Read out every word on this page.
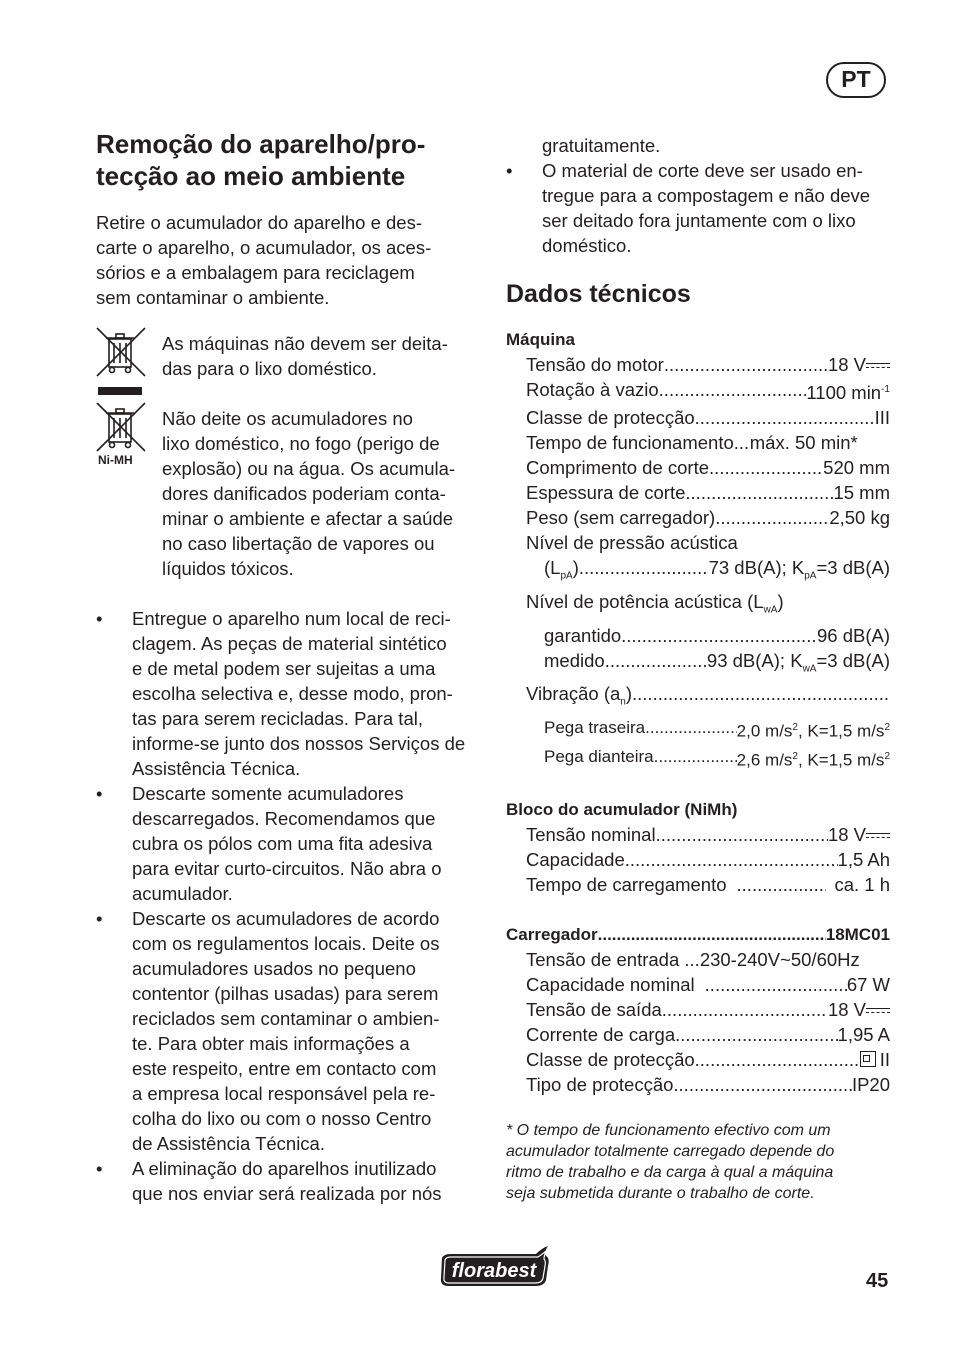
PT
Remoção do aparelho/pro-
tecção ao meio ambiente

Retire o acumulador do aparelho e des-
carte o aparelho, o acumulador, os aces-
sórios e a embalagem para reciclagem
sem contaminar o ambiente.

As máquinas não devem ser deita-
das para o lixo doméstico.
Ni-MH
Não deite os acumuladores no
lixo doméstico, no fogo (perigo de
explosão) ou na água. Os acumula-
dores danificados poderiam conta-
minar o ambiente e afectar a saúde
no caso libertação de vapores ou
líquidos tóxicos.
• Entregue o aparelho num local de reci-
clagem. As peças de material sintético
e de metal podem ser sujeitas a uma
escolha selectiva e, desse modo, pron-
tas para serem recicladas. Para tal,
informe-se junto dos nossos Serviços de
Assistência Técnica.
• Descarte somente acumuladores
descarregados. Recomendamos que
cubra os pólos com uma fita adesiva
para evitar curto-circuitos. Não abra o
acumulador.
• Descarte os acumuladores de acordo
com os regulamentos locais. Deite os
acumuladores usados no pequeno
contentor (pilhas usadas) para serem
reciclados sem contaminar o ambien-
te. Para obter mais informações a
este respeito, entre em contacto com
a empresa local responsável pela re-
colha do lixo ou com o nosso Centro
de Assistência Técnica.
• A eliminação do aparelhos inutilizado
que nos enviar será realizada por nós

gratuitamente.

• O material de corte deve ser usado en-
tregue para a compostagem e não deve
ser deitado fora juntamente com o lixo
doméstico.
Dados técnicos
Máquina
Tensão do motor .....	18 V
Rotação à vazio .....	1100 $\min^{-1}$
Classe de protecção .....	III
Tempo de funcionamento ..... máx. 50 min*
Comprimento de corte .....	520 mm
Espessura de corte .....	15 mm
Peso (sem carregador) .....	2,50 kg
Nível de pressão acústica
$(L_{pA})$ .....	73 dB(A); $K_{pA}=3$ dB(A)
Nível de potência acústica $(L_{wA})$
garantido .....	96 dB(A)
medido .....	93 dB(A); $K_{wA}=3$ dB(A)
Vibração $(a_n)$
.....
Pega traseira .....	2,0 $m/s^2$, K=1,5 $m/s^2$
Pega dianteira .....	2,6 $m/s^2$, K=1,5 $m/s^2$
Bloco do acumulador (NiMh)
Tensão nominal .....	18 V
Capacidade .....	1,5 Ah
Tempo de carregamento .....	ca. 1 h
Carregador .....	18MC01
Tensão de entrada ...230-240V~50/60Hz
Capacidade nominal .....	67 W
Tensão de saída .....	18 V
Corrente de carga .....	1,95 A
Classe de protecção .....	II
Tipo de protecção .....	IP20
* O tempo de funcionamento efectivo com um
acumulador totalmente carregado depende do
ritmo de trabalho e da carga à qual a máquina
seja submetida durante o trabalho de corte.
florabest	45
